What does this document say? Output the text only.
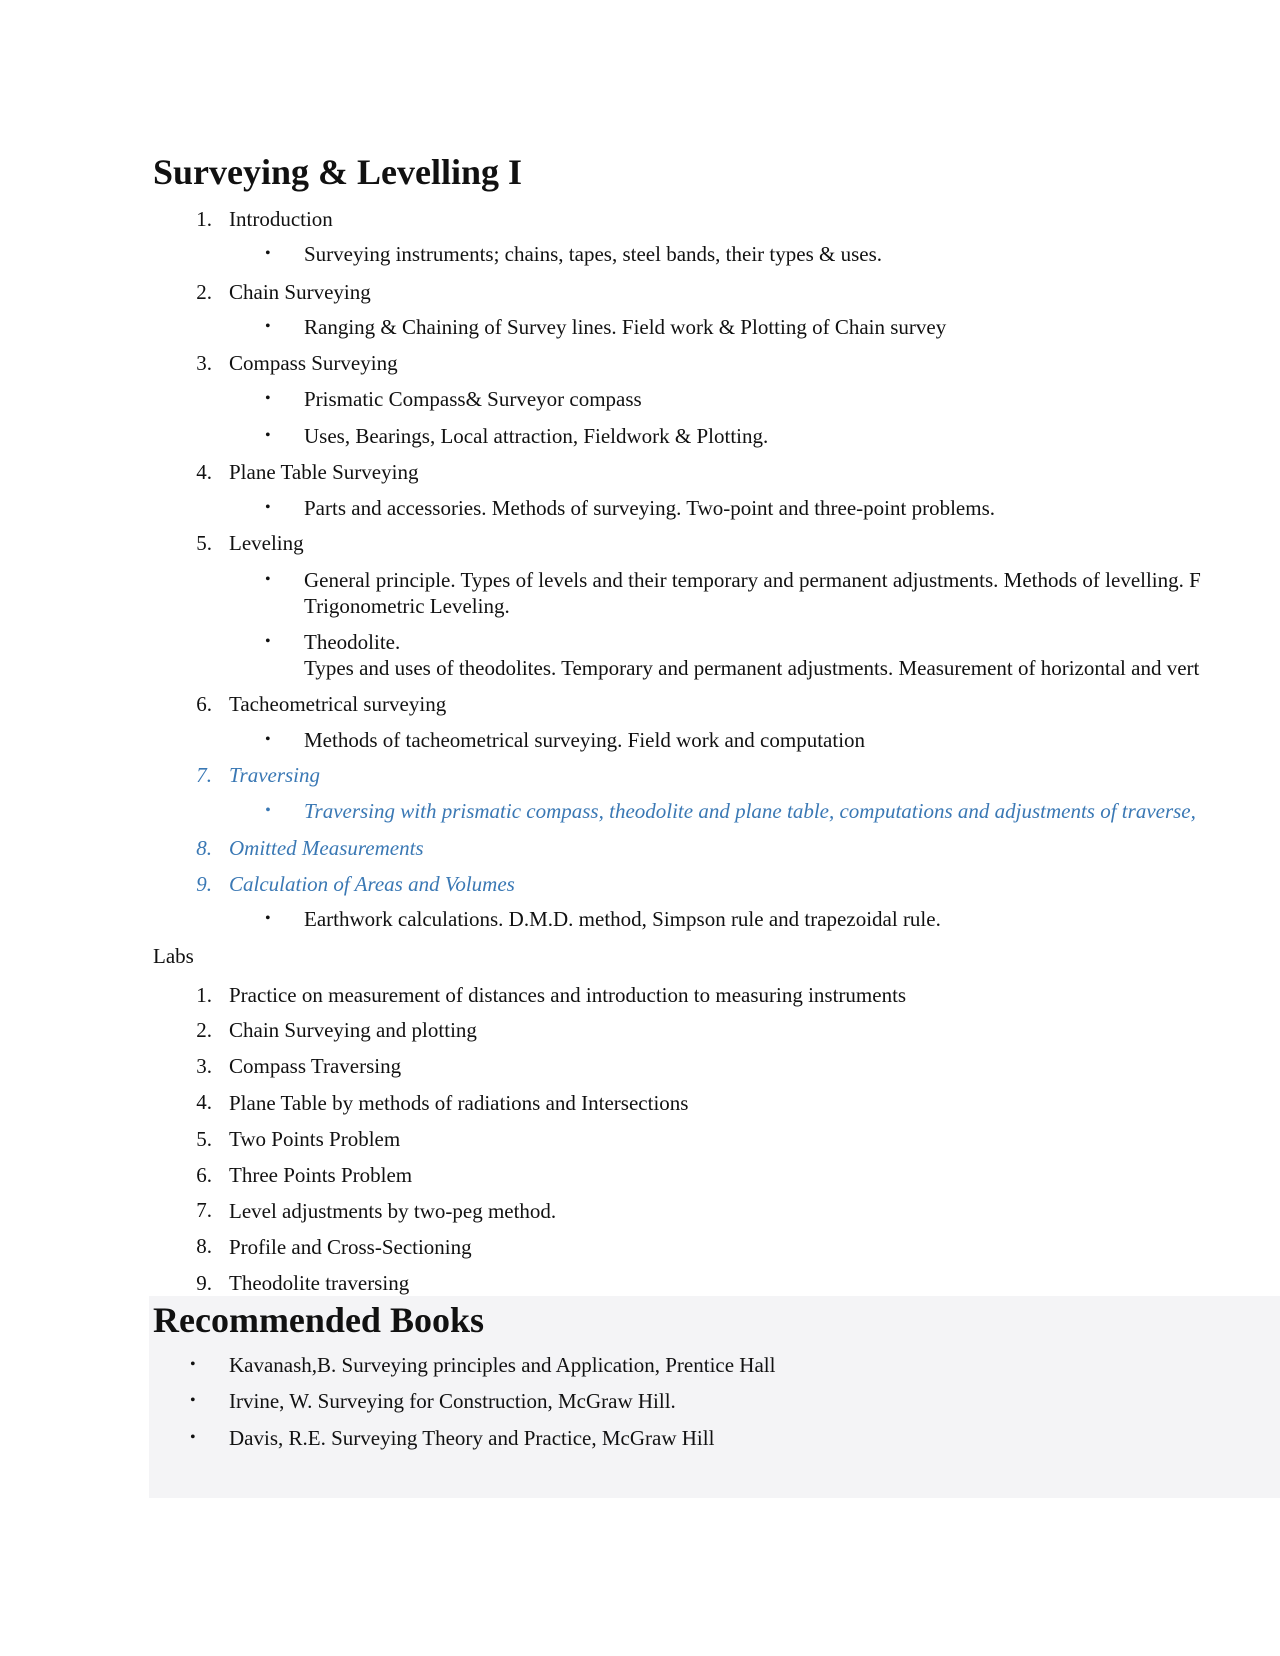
Surveying & Levelling I
1. Introduction
• Surveying instruments; chains, tapes, steel bands, their types & uses.
2. Chain Surveying
• Ranging & Chaining of Survey lines. Field work & Plotting of Chain survey
3. Compass Surveying
• Prismatic Compass& Surveyor compass
• Uses, Bearings, Local attraction, Fieldwork & Plotting.
4. Plane Table Surveying
• Parts and accessories. Methods of surveying. Two-point and three-point problems.
5. Leveling
• General principle. Types of levels and their temporary and permanent adjustments. Methods of levelling. F
Trigonometric Leveling.
• Theodolite.
Types and uses of theodolites. Temporary and permanent adjustments. Measurement of horizontal and vert
6. Tacheometrical surveying
• Methods of tacheometrical surveying. Field work and computation
7. Traversing
• Traversing with prismatic compass, theodolite and plane table, computations and adjustments of traverse,
8. Omitted Measurements
9. Calculation of Areas and Volumes
• Earthwork calculations. D.M.D. method, Simpson rule and trapezoidal rule.
Labs
1. Practice on measurement of distances and introduction to measuring instruments
2. Chain Surveying and plotting
3. Compass Traversing
4. Plane Table by methods of radiations and Intersections
5. Two Points Problem
6. Three Points Problem
7. Level adjustments by two-peg method.
8. Profile and Cross-Sectioning
9. Theodolite traversing
Recommended Books
• Kavanash,B. Surveying principles and Application, Prentice Hall
• Irvine, W. Surveying for Construction, McGraw Hill.
• Davis, R.E. Surveying Theory and Practice, McGraw Hill
